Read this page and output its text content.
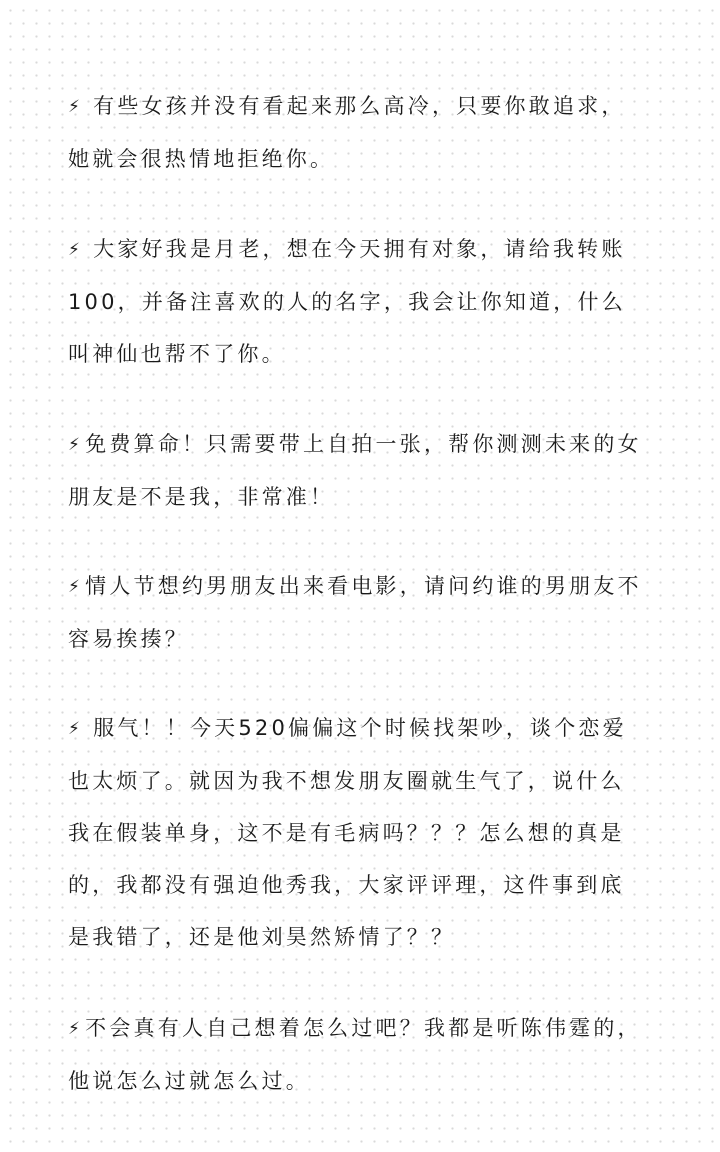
⚡︎ 有些女孩并没有看起来那么高冷，只要你敢追求，她就会很热情地拒绝你。

⚡︎ 大家好我是月老，想在今天拥有对象，请给我转账100，并备注喜欢的人的名字，我会让你知道，什么叫神仙也帮不了你。

⚡︎免费算命！只需要带上自拍一张，帮你测测未来的女朋友是不是我，非常准！

⚡︎情人节想约男朋友出来看电影，请问约谁的男朋友不容易挨揍？

⚡︎ 服气！！今天520偏偏这个时候找架吵，谈个恋爱也太烦了。就因为我不想发朋友圈就生气了，说什么我在假装单身，这不是有毛病吗？？？怎么想的真是的，我都没有强迫他秀我，大家评评理，这件事到底是我错了，还是他刘昊然矫情了？？

⚡︎不会真有人自己想着怎么过吧？我都是听陈伟霆的，他说怎么过就怎么过。
